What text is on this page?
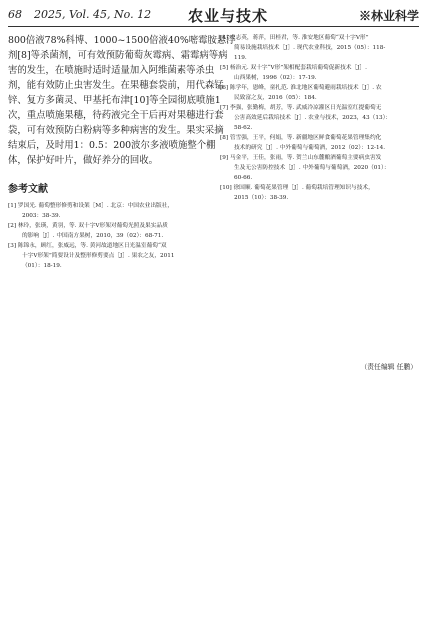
68 2025, Vol. 45, No. 12 农业与技术	※林业科学
800倍液78%科博、1000~1500倍液40%嘧霉胺悬浮
剂[8]等杀菌剂，可有效预防葡萄灰霉病、霜霉病等病
害的发生，在喷施时适时适量加入阿维菌素等杀虫
剂，能有效防止虫害发生。在果穗套袋前，用代森锰
锌、复方多菌灵、甲基托布津[10]等全园彻底喷施1
次，重点喷施果穗，待药液完全干后再对果穗进行套
袋，可有效预防白粉病等多种病害的发生。果实采摘
结束后，及时用1：0.5：200波尔多液喷施整个棚
体，保护好叶片，做好养分的回收。
参考文献
[1] 罗国光. 葡萄整形修剪和设架［M］. 北京：中国农业出版社，
2003：38-39.
[2] 林玲，张瑛，黄羽，等. 双十字V形架对葡萄光照及果实品质
的影响［J］. 中国南方果树，2010，39（02）：68-71.
[3] 陈锦永，顾红，张威远，等. 黄河故道地区日光温室葡萄“双
十字V形架”简要设计及整形修剪要点［J］. 果农之友，2011
（01）：18-19.
[4] 史志英，蒋萍，田桂君，等. 淮安地区葡萄“双十字V形”
简易设施栽培技术［J］. 现代农业科技，2015（05）：118-
119.
[5] 杨治元. 双十字“V形”架相配套栽培葡萄促新技术［J］.
山西果树，1996（02）：17-19.
[6] 陈学年，恩峰，童扎范. 淮北地区葡萄避雨栽培技术［J］. 农
民致富之友，2016（05）：184.
[7] 李强，张勤梅，胡芳，等. 武威冷凉灌区日光温室红提葡萄无
公害高效延后栽培技术［J］. 农业与技术，2023，43（13）：
58-62.
[8] 管雪强，王平，何娟，等. 新疆地区鲜食葡萄花果管理集约化
技术的研究［J］. 中外葡萄与葡萄酒，2012（02）：12-14.
[9] 马金平，王佳，张雨，等. 贺兰山东麓酿酒葡萄主要病虫害发
生及无公害防控技术［J］. 中外葡萄与葡萄酒，2020（01）：
60-66.
[10] 徐国顺. 葡萄花果管理［J］. 葡萄栽培管理知识与技术，
2015（10）：38-39.
（责任编辑 任鹏）
